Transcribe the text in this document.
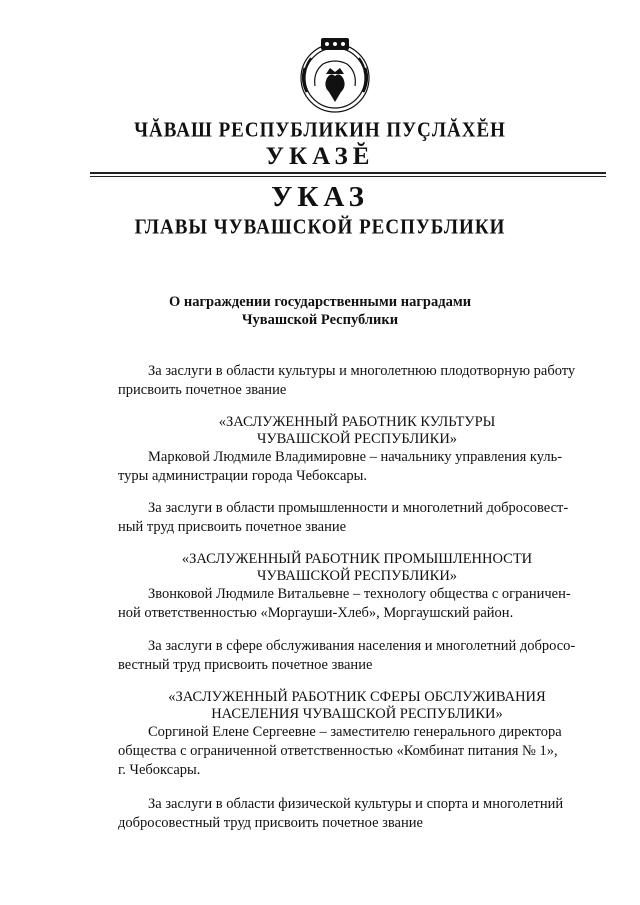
ЧĂВАШ РЕСПУБЛИКИН ПУÇЛĂХĔН
УКАЗĔ
УКАЗ
ГЛАВЫ ЧУВАШСКОЙ РЕСПУБЛИКИ
О награждении государственными наградами
Чувашской Республики
За заслуги в области культуры и многолетнюю плодотворную работу
присвоить почетное звание
«ЗАСЛУЖЕННЫЙ РАБОТНИК КУЛЬТУРЫ
ЧУВАШСКОЙ РЕСПУБЛИКИ»
Марковой Людмиле Владимировне – начальнику управления куль-
туры администрации города Чебоксары.
За заслуги в области промышленности и многолетний добросовест-
ный труд присвоить почетное звание
«ЗАСЛУЖЕННЫЙ РАБОТНИК ПРОМЫШЛЕННОСТИ
ЧУВАШСКОЙ РЕСПУБЛИКИ»
Звонковой Людмиле Витальевне – технологу общества с ограничен-
ной ответственностью «Моргауши-Хлеб», Моргаушский район.
За заслуги в сфере обслуживания населения и многолетний добросо-
вестный труд присвоить почетное звание
«ЗАСЛУЖЕННЫЙ РАБОТНИК СФЕРЫ ОБСЛУЖИВАНИЯ
НАСЕЛЕНИЯ ЧУВАШСКОЙ РЕСПУБЛИКИ»
Соргиной Елене Сергеевне – заместителю генерального директора
общества с ограниченной ответственностью «Комбинат питания № 1»,
г. Чебоксары.
За заслуги в области физической культуры и спорта и многолетний
добросовестный труд присвоить почетное звание
